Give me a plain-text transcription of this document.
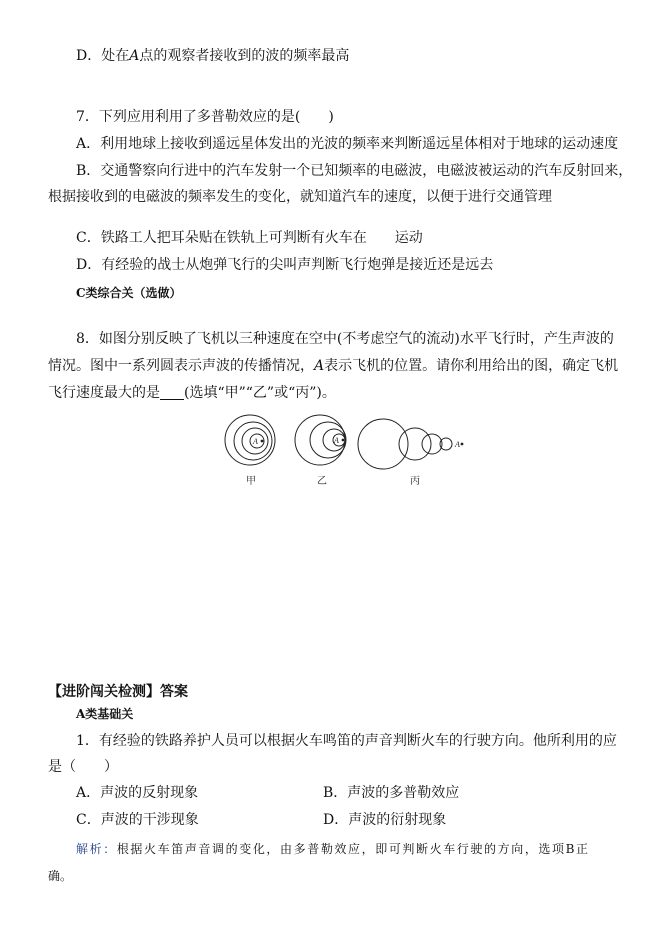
D．处在A点的观察者接收到的波的频率最高
7．下列应用利用了多普勒效应的是(　　)
A．利用地球上接收到遥远星体发出的光波的频率来判断遥远星体相对于地球的运动速度
B．交通警察向行进中的汽车发射一个已知频率的电磁波，电磁波被运动的汽车反射回来，
根据接收到的电磁波的频率发生的变化，就知道汽车的速度，以便于进行交通管理
C．铁路工人把耳朵贴在铁轨上可判断有火车在　　运动
D．有经验的战士从炮弹飞行的尖叫声判断飞行炮弹是接近还是远去
C类综合关（选做）
8．如图分别反映了飞机以三种速度在空中(不考虑空气的流动)水平飞行时，产生声波的
情况。图中一系列圆表示声波的传播情况，A表示飞机的位置。请你利用给出的图，确定飞机
飞行速度最大的是 (选填“甲”“乙”或“丙”)。
A
甲
A
乙
A
丙
【进阶闯关检测】答案
A类基础关
1．有经验的铁路养护人员可以根据火车鸣笛的声音判断火车的行驶方向。他所利用的应
是（　　）
A．声波的反射现象	B．声波的多普勒效应
C．声波的干涉现象	D．声波的衍射现象
解析：根据火车笛声音调的变化，由多普勒效应，即可判断火车行驶的方向，选项B正
确。
